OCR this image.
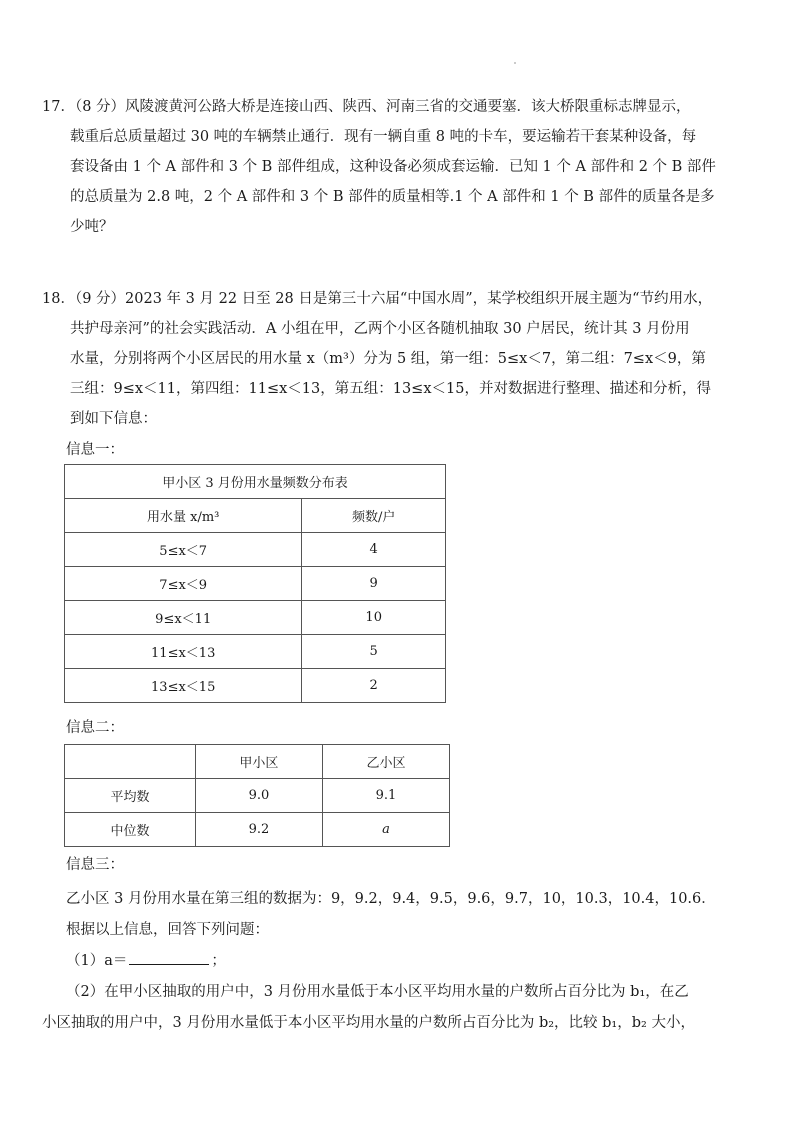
17．（8 分）风陵渡黄河公路大桥是连接山西、陕西、河南三省的交通要塞．该大桥限重标志牌显示，
载重后总质量超过 30 吨的车辆禁止通行．现有一辆自重 8 吨的卡车，要运输若干套某种设备，每
套设备由 1 个 A 部件和 3 个 B 部件组成，这种设备必须成套运输．已知 1 个 A 部件和 2 个 B 部件
的总质量为 2.8 吨，2 个 A 部件和 3 个 B 部件的质量相等.1 个 A 部件和 1 个 B 部件的质量各是多
少吨？
18．（9 分）2023 年 3 月 22 日至 28 日是第三十六届“中国水周”，某学校组织开展主题为“节约用水，
共护母亲河”的社会实践活动．A 小组在甲，乙两个小区各随机抽取 30 户居民，统计其 3 月份用
水量，分别将两个小区居民的用水量 x（m³）分为 5 组，第一组：5≤x＜7，第二组：7≤x＜9，第
三组：9≤x＜11，第四组：11≤x＜13，第五组：13≤x＜15，并对数据进行整理、描述和分析，得
到如下信息：
信息一：
甲小区 3 月份用水量频数分布表	
用水量 x/m³	频数/户
5≤x＜7	4
7≤x＜9	9
9≤x＜11	10
11≤x＜13	5
13≤x＜15	2
信息二：
	甲小区	乙小区
平均数	9.0	9.1
中位数	9.2	a
信息三：
乙小区 3 月份用水量在第三组的数据为：9，9.2，9.4，9.5，9.6，9.7，10，10.3，10.4，10.6．
根据以上信息，回答下列问题：
（1）a＝	；
（2）在甲小区抽取的用户中，3 月份用水量低于本小区平均用水量的户数所占百分比为 b₁，在乙
小区抽取的用户中，3 月份用水量低于本小区平均用水量的户数所占百分比为 b₂，比较 b₁，b₂ 大小，
